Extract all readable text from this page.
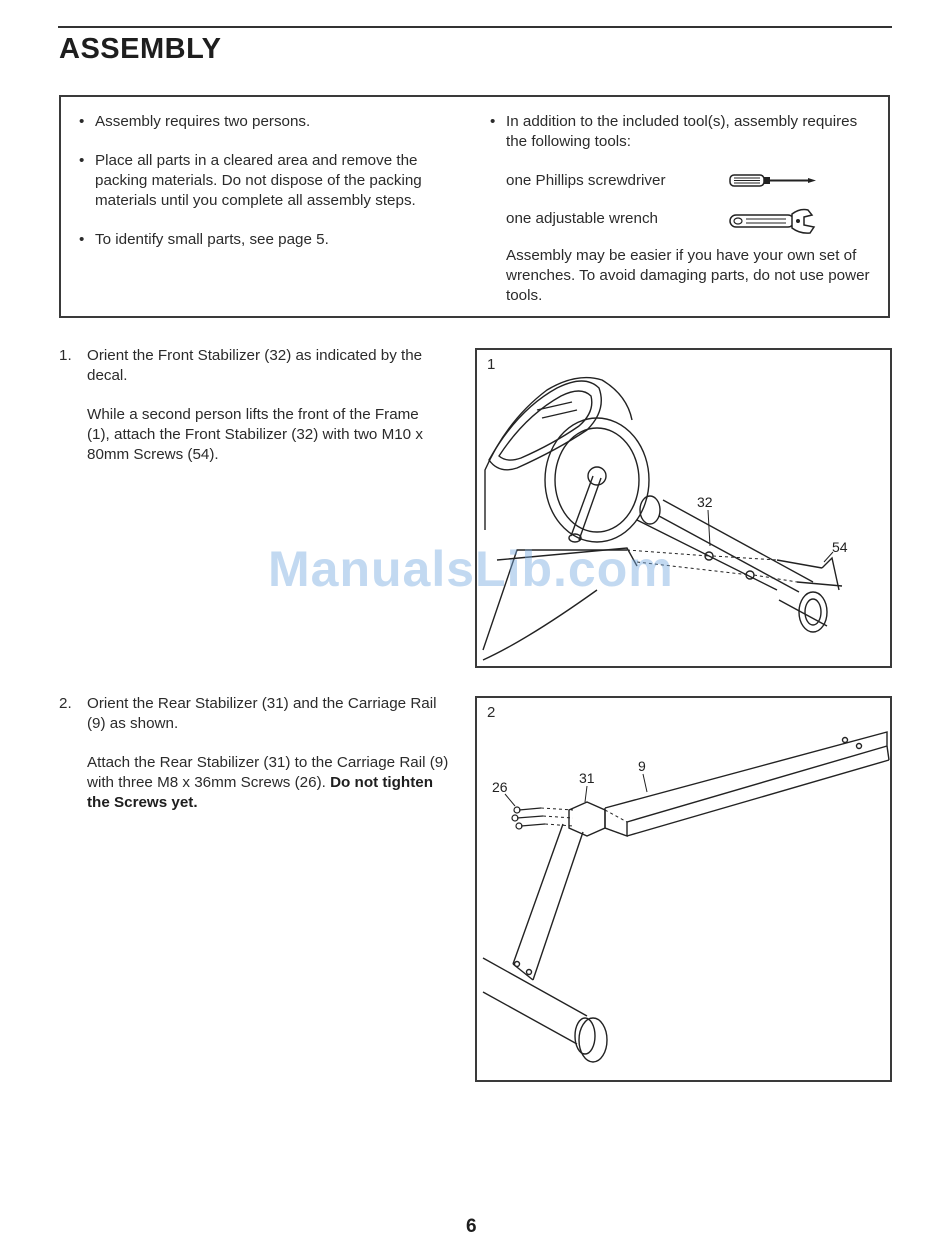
ASSEMBLY
• Assembly requires two persons.
• Place all parts in a cleared area and remove the packing materials. Do not dispose of the packing materials until you complete all assembly steps.
• To identify small parts, see page 5.
• In addition to the included tool(s), assembly requires the following tools:
one Phillips screwdriver
one adjustable wrench
Assembly may be easier if you have your own set of wrenches. To avoid damaging parts, do not use power tools.
1. Orient the Front Stabilizer (32) as indicated by the decal.

While a second person lifts the front of the Frame (1), attach the Front Stabilizer (32) with two M10 x 80mm Screws (54).

32
54
1
2. Orient the Rear Stabilizer (31) and the Carriage Rail (9) as shown.

Attach the Rear Stabilizer (31) to the Carriage Rail (9) with three M8 x 36mm Screws (26). Do not tighten the Screws yet.

26
31
9
2
ManualsLib.com
6
